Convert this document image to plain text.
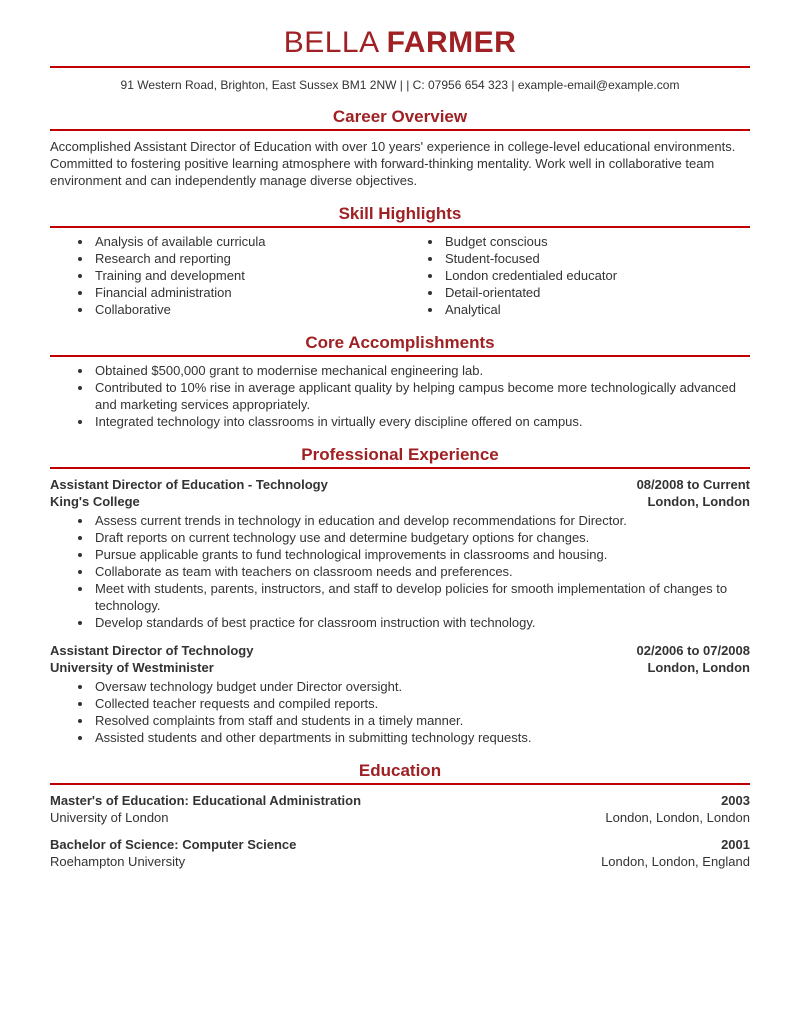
BELLA FARMER
91 Western Road, Brighton, East Sussex BM1 2NW | | C: 07956 654 323 | example-email@example.com
Career Overview

Accomplished Assistant Director of Education with over 10 years' experience in college-level educational environments. Committed to fostering positive learning atmosphere with forward-thinking mentality. Work well in collaborative team environment and can independently manage diverse objectives.

Skill Highlights
• Analysis of available curricula
• Research and reporting
• Training and development
• Financial administration
• Collaborative
• Budget conscious
• Student-focused
• London credentialed educator
• Detail-orientated
• Analytical
Core Accomplishments
• Obtained $500,000 grant to modernise mechanical engineering lab.
• Contributed to 10% rise in average applicant quality by helping campus become more technologically advanced and marketing services appropriately.
• Integrated technology into classrooms in virtually every discipline offered on campus.
Professional Experience
Assistant Director of Education - Technology	08/2008 to Current
King's College	London, London
• Assess current trends in technology in education and develop recommendations for Director.
• Draft reports on current technology use and determine budgetary options for changes.
• Pursue applicable grants to fund technological improvements in classrooms and housing.
• Collaborate as team with teachers on classroom needs and preferences.
• Meet with students, parents, instructors, and staff to develop policies for smooth implementation of changes to technology.
• Develop standards of best practice for classroom instruction with technology.
Assistant Director of Technology	02/2006 to 07/2008
University of Westminister	London, London
• Oversaw technology budget under Director oversight.
• Collected teacher requests and compiled reports.
• Resolved complaints from staff and students in a timely manner.
• Assisted students and other departments in submitting technology requests.
Education
Master's of Education: Educational Administration	2003
University of London	London, London, London
Bachelor of Science: Computer Science	2001
Roehampton University	London, London, England
